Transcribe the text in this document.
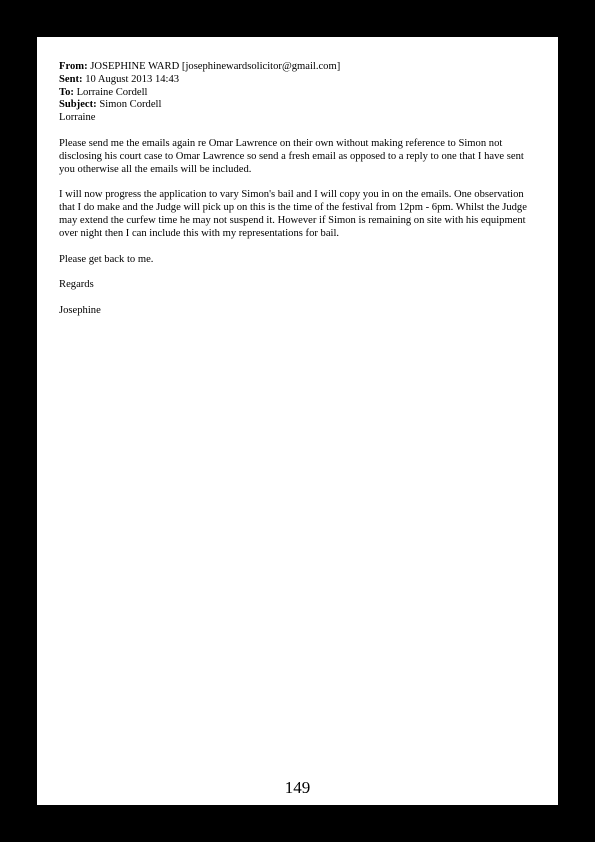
From: JOSEPHINE WARD [josephinewardsolicitor@gmail.com]
Sent: 10 August 2013 14:43
To: Lorraine Cordell
Subject: Simon Cordell
Lorraine

Please send me the emails again re Omar Lawrence on their own without making reference to Simon not disclosing his court case to Omar Lawrence so send a fresh email as opposed to a reply to one that I have sent you otherwise all the emails will be included.

I will now progress the application to vary Simon's bail and I will copy you in on the emails. One observation that I do make and the Judge will pick up on this is the time of the festival from 12pm - 6pm. Whilst the Judge may extend the curfew time he may not suspend it. However if Simon is remaining on site with his equipment over night then I can include this with my representations for bail.

Please get back to me.

Regards

Josephine

149
